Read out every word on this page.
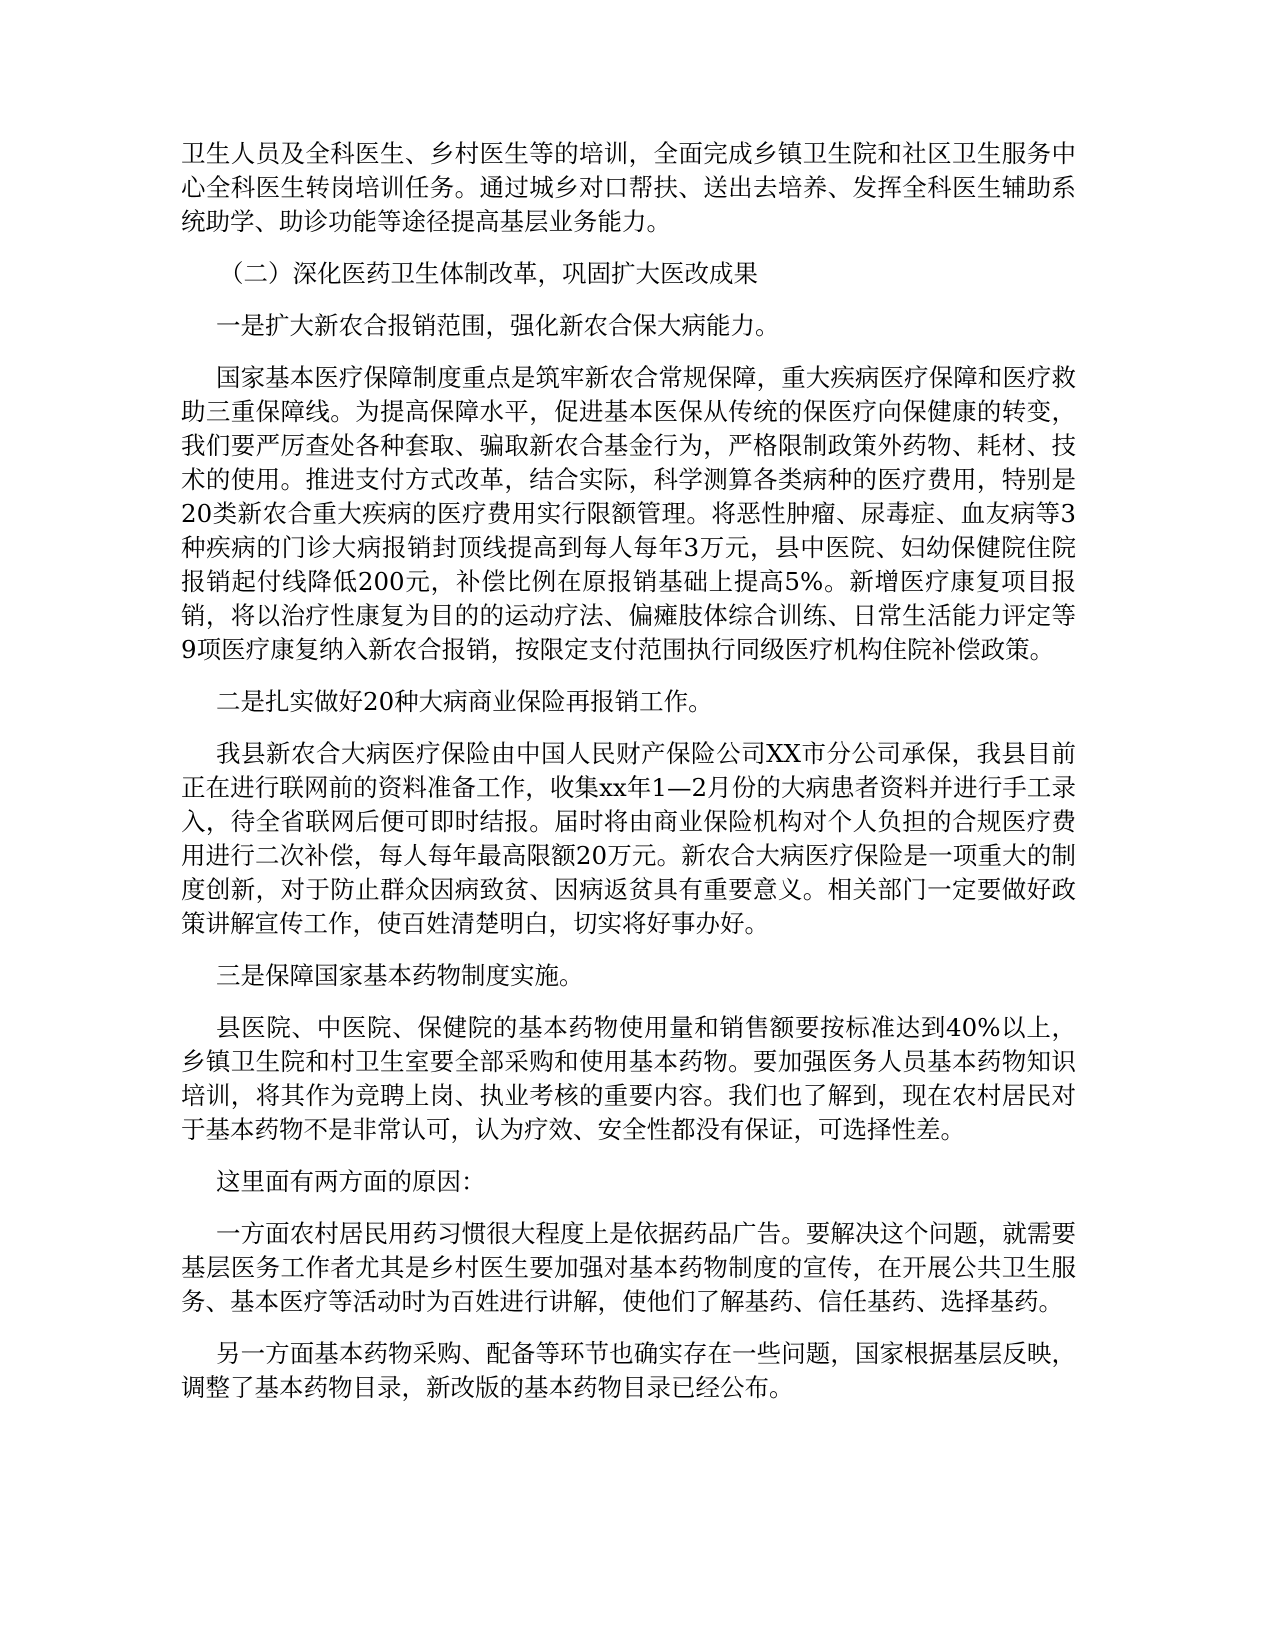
卫生人员及全科医生、乡村医生等的培训，全面完成乡镇卫生院和社区卫生服务中心全科医生转岗培训任务。通过城乡对口帮扶、送出去培养、发挥全科医生辅助系统助学、助诊功能等途径提高基层业务能力。

（二）深化医药卫生体制改革，巩固扩大医改成果

一是扩大新农合报销范围，强化新农合保大病能力。

国家基本医疗保障制度重点是筑牢新农合常规保障，重大疾病医疗保障和医疗救助三重保障线。为提高保障水平，促进基本医保从传统的保医疗向保健康的转变，我们要严厉查处各种套取、骗取新农合基金行为，严格限制政策外药物、耗材、技术的使用。推进支付方式改革，结合实际，科学测算各类病种的医疗费用，特别是20类新农合重大疾病的医疗费用实行限额管理。将恶性肿瘤、尿毒症、血友病等3种疾病的门诊大病报销封顶线提高到每人每年3万元，县中医院、妇幼保健院住院报销起付线降低200元，补偿比例在原报销基础上提高5%。新增医疗康复项目报销，将以治疗性康复为目的的运动疗法、偏瘫肢体综合训练、日常生活能力评定等9项医疗康复纳入新农合报销，按限定支付范围执行同级医疗机构住院补偿政策。

二是扎实做好20种大病商业保险再报销工作。

我县新农合大病医疗保险由中国人民财产保险公司XX市分公司承保，我县目前正在进行联网前的资料准备工作，收集xx年1—2月份的大病患者资料并进行手工录入，待全省联网后便可即时结报。届时将由商业保险机构对个人负担的合规医疗费用进行二次补偿，每人每年最高限额20万元。新农合大病医疗保险是一项重大的制度创新，对于防止群众因病致贫、因病返贫具有重要意义。相关部门一定要做好政策讲解宣传工作，使百姓清楚明白，切实将好事办好。

三是保障国家基本药物制度实施。

县医院、中医院、保健院的基本药物使用量和销售额要按标准达到40%以上，乡镇卫生院和村卫生室要全部采购和使用基本药物。要加强医务人员基本药物知识培训，将其作为竞聘上岗、执业考核的重要内容。我们也了解到，现在农村居民对于基本药物不是非常认可，认为疗效、安全性都没有保证，可选择性差。

这里面有两方面的原因：

一方面农村居民用药习惯很大程度上是依据药品广告。要解决这个问题，就需要基层医务工作者尤其是乡村医生要加强对基本药物制度的宣传，在开展公共卫生服务、基本医疗等活动时为百姓进行讲解，使他们了解基药、信任基药、选择基药。

另一方面基本药物采购、配备等环节也确实存在一些问题，国家根据基层反映，调整了基本药物目录，新改版的基本药物目录已经公布。
